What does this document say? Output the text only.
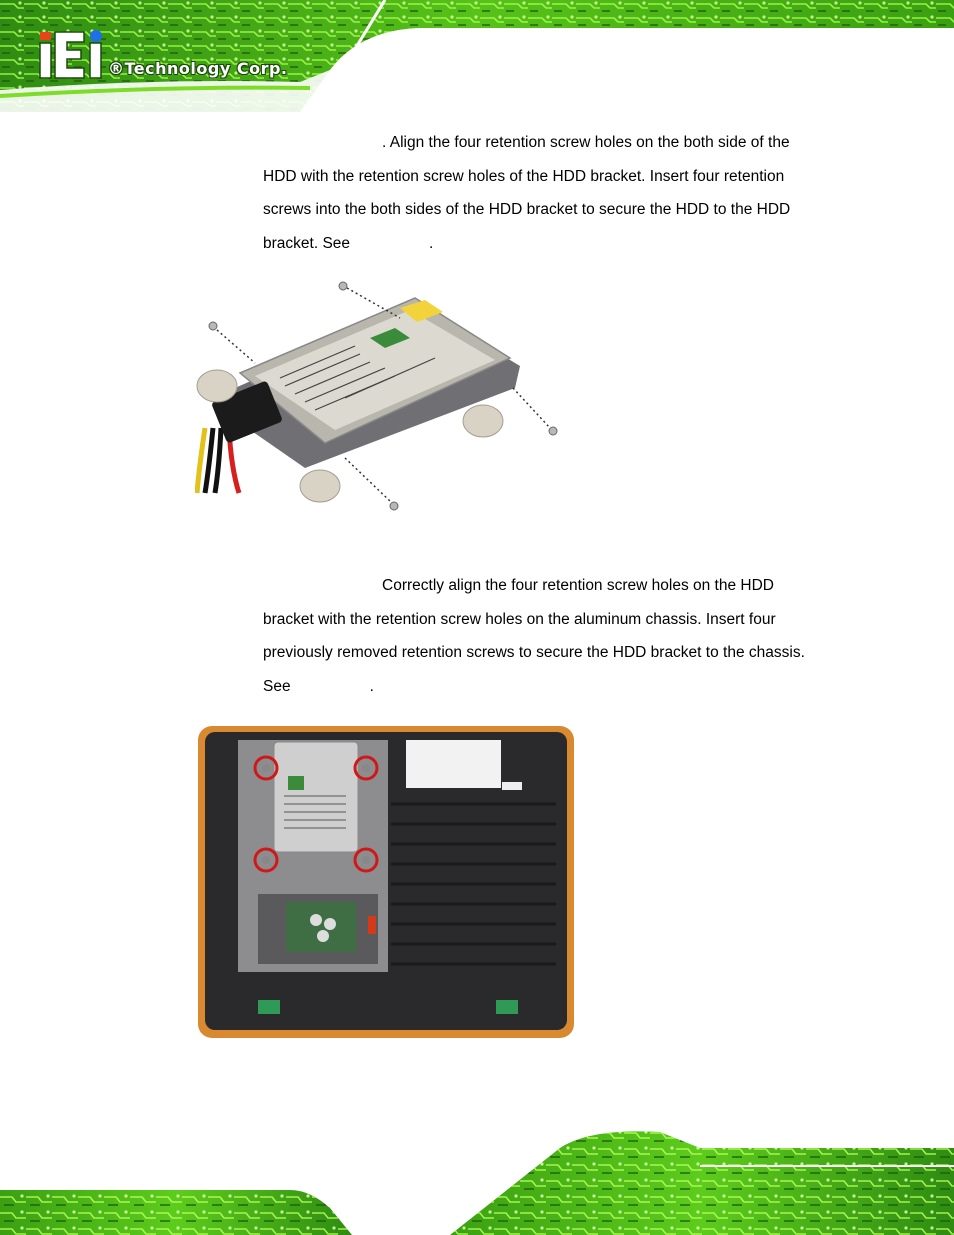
®Technology Corp.

. Align the four retention screw holes on the both side of the
HDD with the retention screw holes of the HDD bracket. Insert four retention
screws into the both sides of the HDD bracket to secure the HDD to the HDD
bracket. See	.

Correctly align the four retention screw holes on the HDD
bracket with the retention screw holes on the aluminum chassis. Insert four
previously removed retention screws to secure the HDD bracket to the chassis.
See	.
